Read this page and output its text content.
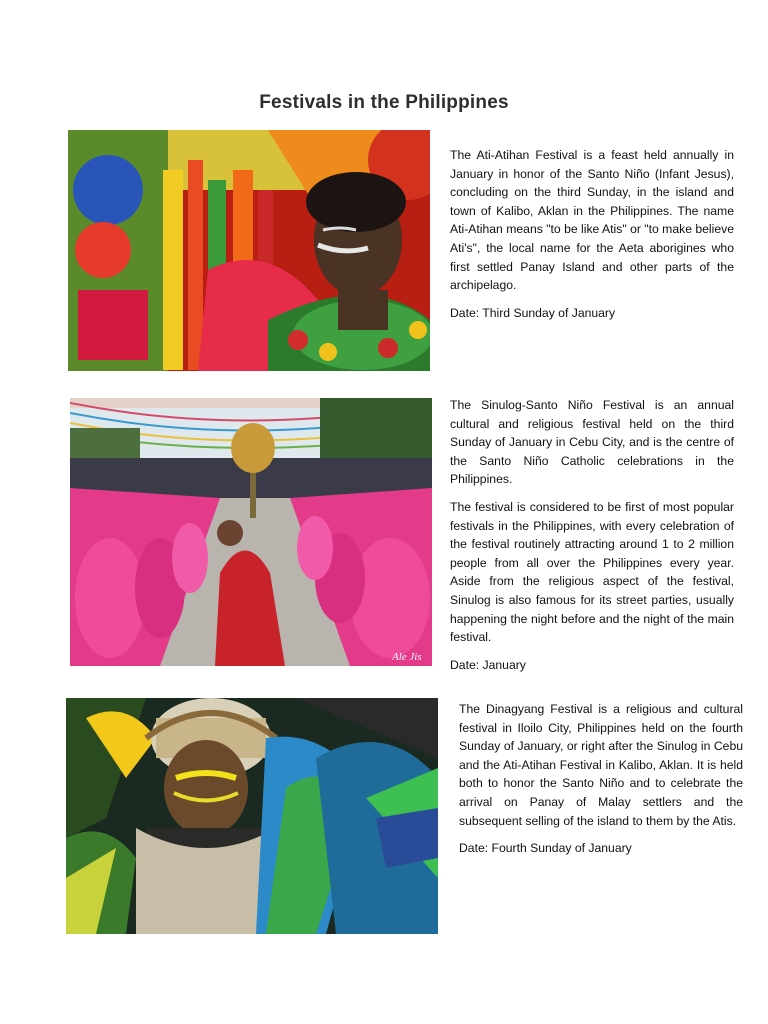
Festivals in the Philippines

The Ati-Atihan Festival is a feast held annually in January in honor of the Santo Niño (Infant Jesus), concluding on the third Sunday, in the island and town of Kalibo, Aklan in the Philippines. The name Ati-Atihan means "to be like Atis" or "to make believe Ati's", the local name for the Aeta aborigines who first settled Panay Island and other parts of the archipelago.

Date: Third Sunday of January

Ale Jis

The Sinulog-Santo Niño Festival is an annual cultural and religious festival held on the third Sunday of January in Cebu City, and is the centre of the Santo Niño Catholic celebrations in the Philippines.

The festival is considered to be first of most popular festivals in the Philippines, with every celebration of the festival routinely attracting around 1 to 2 million people from all over the Philippines every year. Aside from the religious aspect of the festival, Sinulog is also famous for its street parties, usually happening the night before and the night of the main festival.

Date: January

The Dinagyang Festival is a religious and cultural festival in Iloilo City, Philippines held on the fourth Sunday of January, or right after the Sinulog in Cebu and the Ati-Atihan Festival in Kalibo, Aklan. It is held both to honor the Santo Niño and to celebrate the arrival on Panay of Malay settlers and the subsequent selling of the island to them by the Atis.

Date: Fourth Sunday of January
